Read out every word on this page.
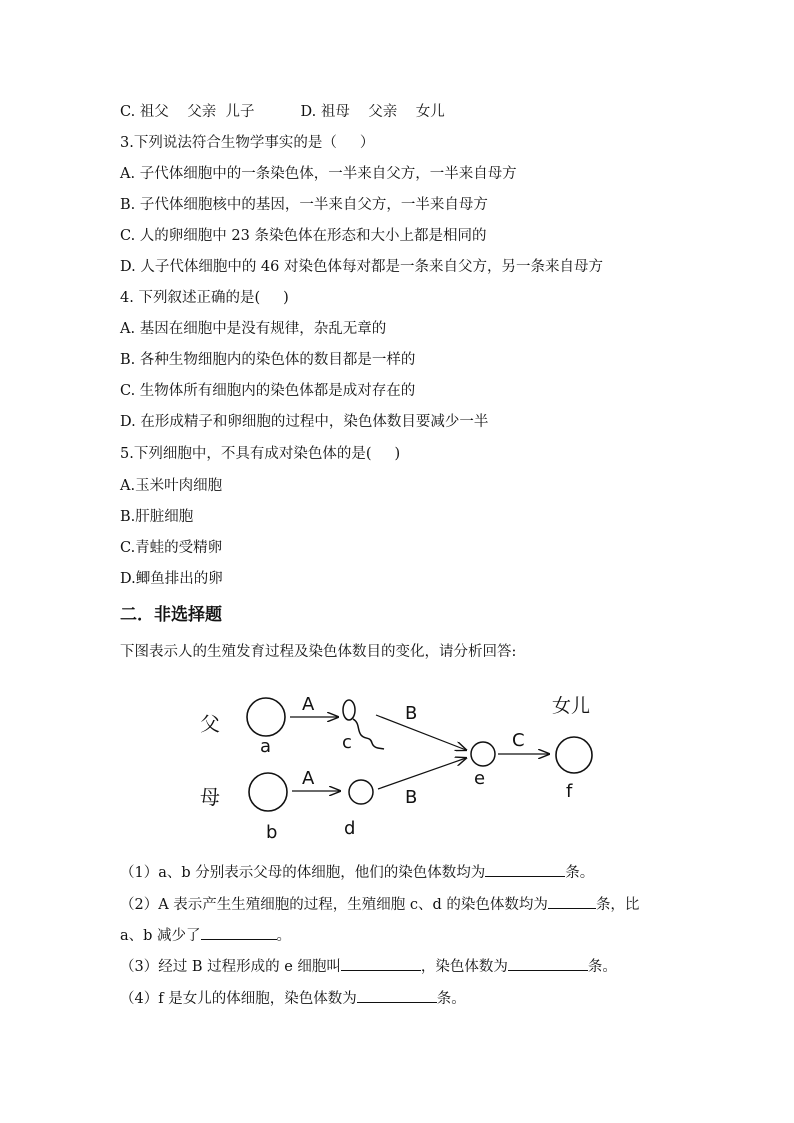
C. 祖父    父亲  儿子          D. 祖母    父亲    女儿
3.下列说法符合生物学事实的是（     ）
A. 子代体细胞中的一条染色体，一半来自父方，一半来自母方
B. 子代体细胞核中的基因，一半来自父方，一半来自母方
C. 人的卵细胞中 23 条染色体在形态和大小上都是相同的
D. 人子代体细胞中的 46 对染色体每对都是一条来自父方，另一条来自母方
4. 下列叙述正确的是(     )
A. 基因在细胞中是没有规律，杂乱无章的
B. 各种生物细胞内的染色体的数目都是一样的
C. 生物体所有细胞内的染色体都是成对存在的
D. 在形成精子和卵细胞的过程中，染色体数目要减少一半
5.下列细胞中，不具有成对染色体的是(     )
A.玉米叶肉细胞
B.肝脏细胞
C.青蛙的受精卵
D.鲫鱼排出的卵
二．非选择题
下图表示人的生殖发育过程及染色体数目的变化，请分析回答:
父
母
a
b
A
A
c
d
B
B
e
C
f
女儿
（1）a、b 分别表示父母的体细胞，他们的染色体数均为	条。
（2）A 表示产生生殖细胞的过程，生殖细胞 c、d 的染色体数均为	条，比
a、b 减少了	。
（3）经过 B 过程形成的 e 细胞叫	，染色体数为	条。
（4）f 是女儿的体细胞，染色体数为	条。
